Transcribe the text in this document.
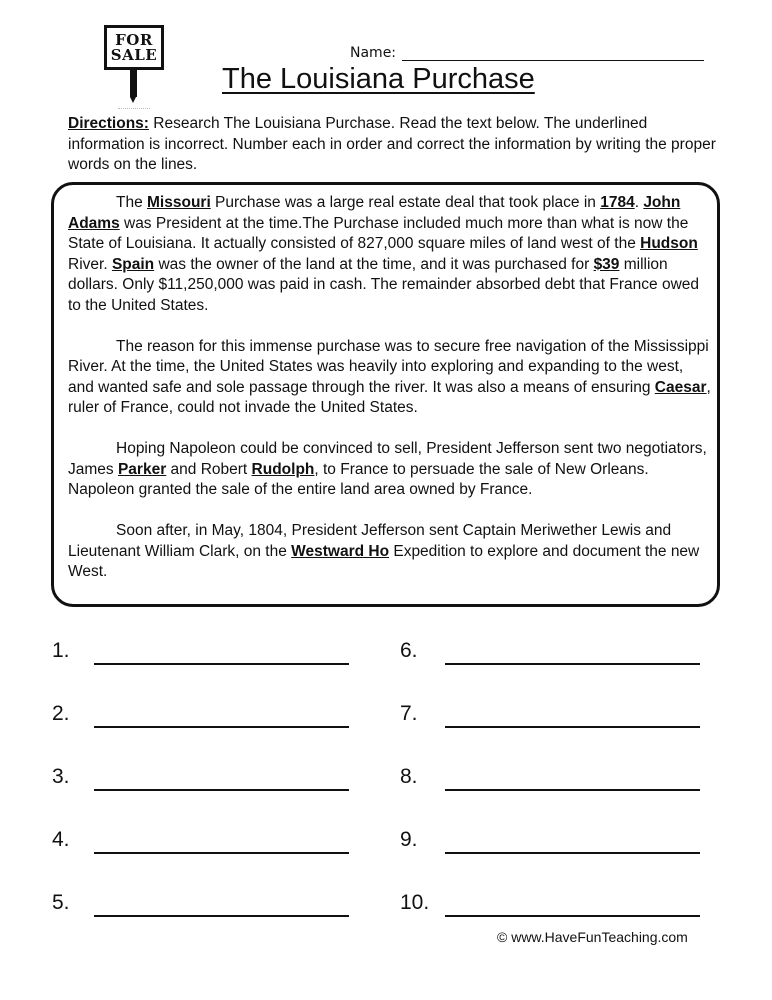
FOR
SALE	Name:
The Louisiana Purchase
Directions: Research The Louisiana Purchase. Read the text below. The underlined information is incorrect. Number each in order and correct the information by writing the proper words on the lines.

The Missouri Purchase was a large real estate deal that took place in 1784. John Adams was President at the time.The Purchase included much more than what is now the State of Louisiana. It actually consisted of 827,000 square miles of land west of the Hudson River. Spain was the owner of the land at the time, and it was purchased for $39 million dollars. Only $11,250,000 was paid in cash. The remainder absorbed debt that France owed to the United States.

The reason for this immense purchase was to secure free navigation of the Mississippi River. At the time, the United States was heavily into exploring and expanding to the west, and wanted safe and sole passage through the river. It was also a means of ensuring Caesar, ruler of France, could not invade the United States.

Hoping Napoleon could be convinced to sell, President Jefferson sent two negotiators, James Parker and Robert Rudolph, to France to persuade the sale of New Orleans. Napoleon granted the sale of the entire land area owned by France.

Soon after, in May, 1804, President Jefferson sent Captain Meriwether Lewis and Lieutenant William Clark, on the Westward Ho Expedition to explore and document the new West.

1.
2.
3.
4.
5.
6.
7.
8.
9.
10.
© www.HaveFunTeaching.com
